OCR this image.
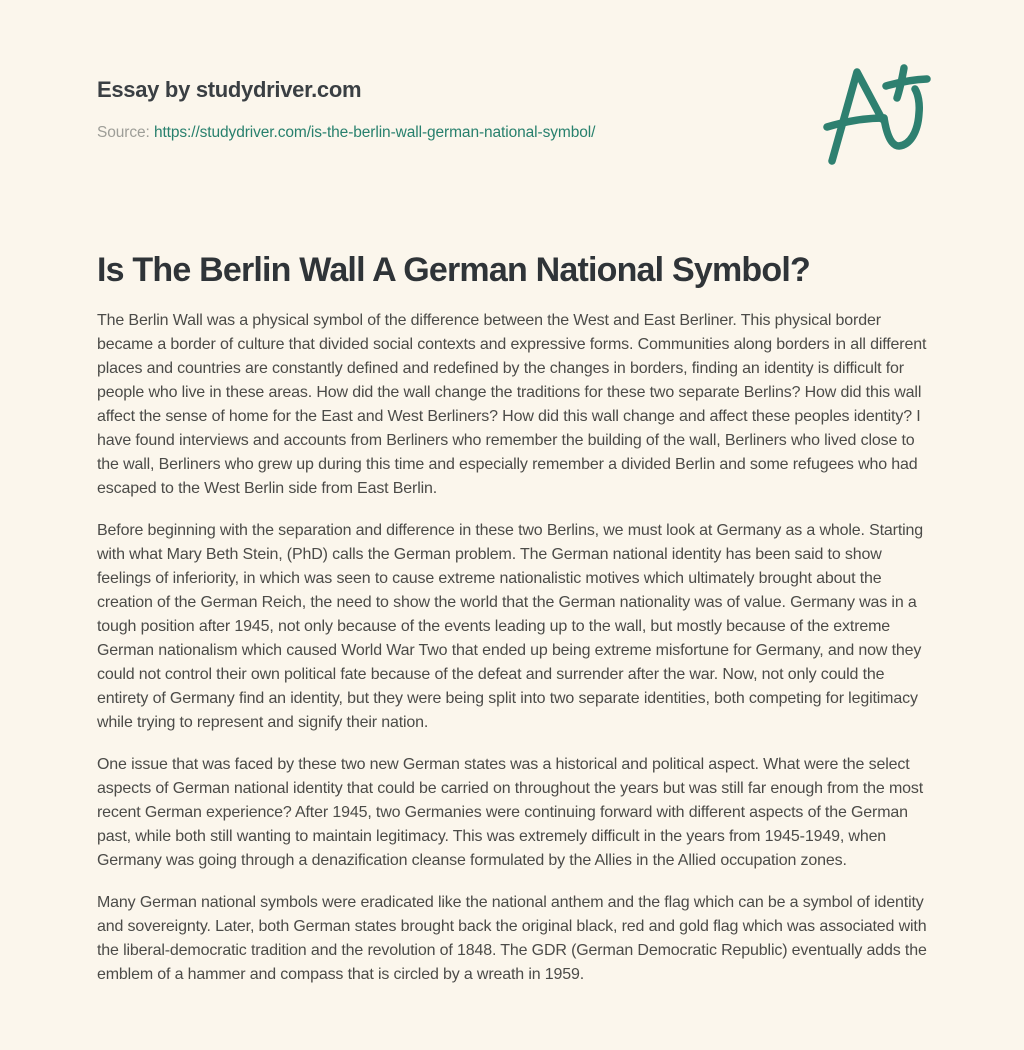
Essay by studydriver.com

Source: https://studydriver.com/is-the-berlin-wall-german-national-symbol/

Is The Berlin Wall A German National Symbol?

The Berlin Wall was a physical symbol of the difference between the West and East Berliner. This physical border became a border of culture that divided social contexts and expressive forms. Communities along borders in all different places and countries are constantly defined and redefined by the changes in borders, finding an identity is difficult for people who live in these areas. How did the wall change the traditions for these two separate Berlins? How did this wall affect the sense of home for the East and West Berliners? How did this wall change and affect these peoples identity? I have found interviews and accounts from Berliners who remember the building of the wall, Berliners who lived close to the wall, Berliners who grew up during this time and especially remember a divided Berlin and some refugees who had escaped to the West Berlin side from East Berlin.

Before beginning with the separation and difference in these two Berlins, we must look at Germany as a whole. Starting with what Mary Beth Stein, (PhD) calls the German problem. The German national identity has been said to show feelings of inferiority, in which was seen to cause extreme nationalistic motives which ultimately brought about the creation of the German Reich, the need to show the world that the German nationality was of value. Germany was in a tough position after 1945, not only because of the events leading up to the wall, but mostly because of the extreme German nationalism which caused World War Two that ended up being extreme misfortune for Germany, and now they could not control their own political fate because of the defeat and surrender after the war. Now, not only could the entirety of Germany find an identity, but they were being split into two separate identities, both competing for legitimacy while trying to represent and signify their nation.

One issue that was faced by these two new German states was a historical and political aspect. What were the select aspects of German national identity that could be carried on throughout the years but was still far enough from the most recent German experience? After 1945, two Germanies were continuing forward with different aspects of the German past, while both still wanting to maintain legitimacy. This was extremely difficult in the years from 1945-1949, when Germany was going through a denazification cleanse formulated by the Allies in the Allied occupation zones.

Many German national symbols were eradicated like the national anthem and the flag which can be a symbol of identity and sovereignty. Later, both German states brought back the original black, red and gold flag which was associated with the liberal-democratic tradition and the revolution of 1848. The GDR (German Democratic Republic) eventually adds the emblem of a hammer and compass that is circled by a wreath in 1959.
